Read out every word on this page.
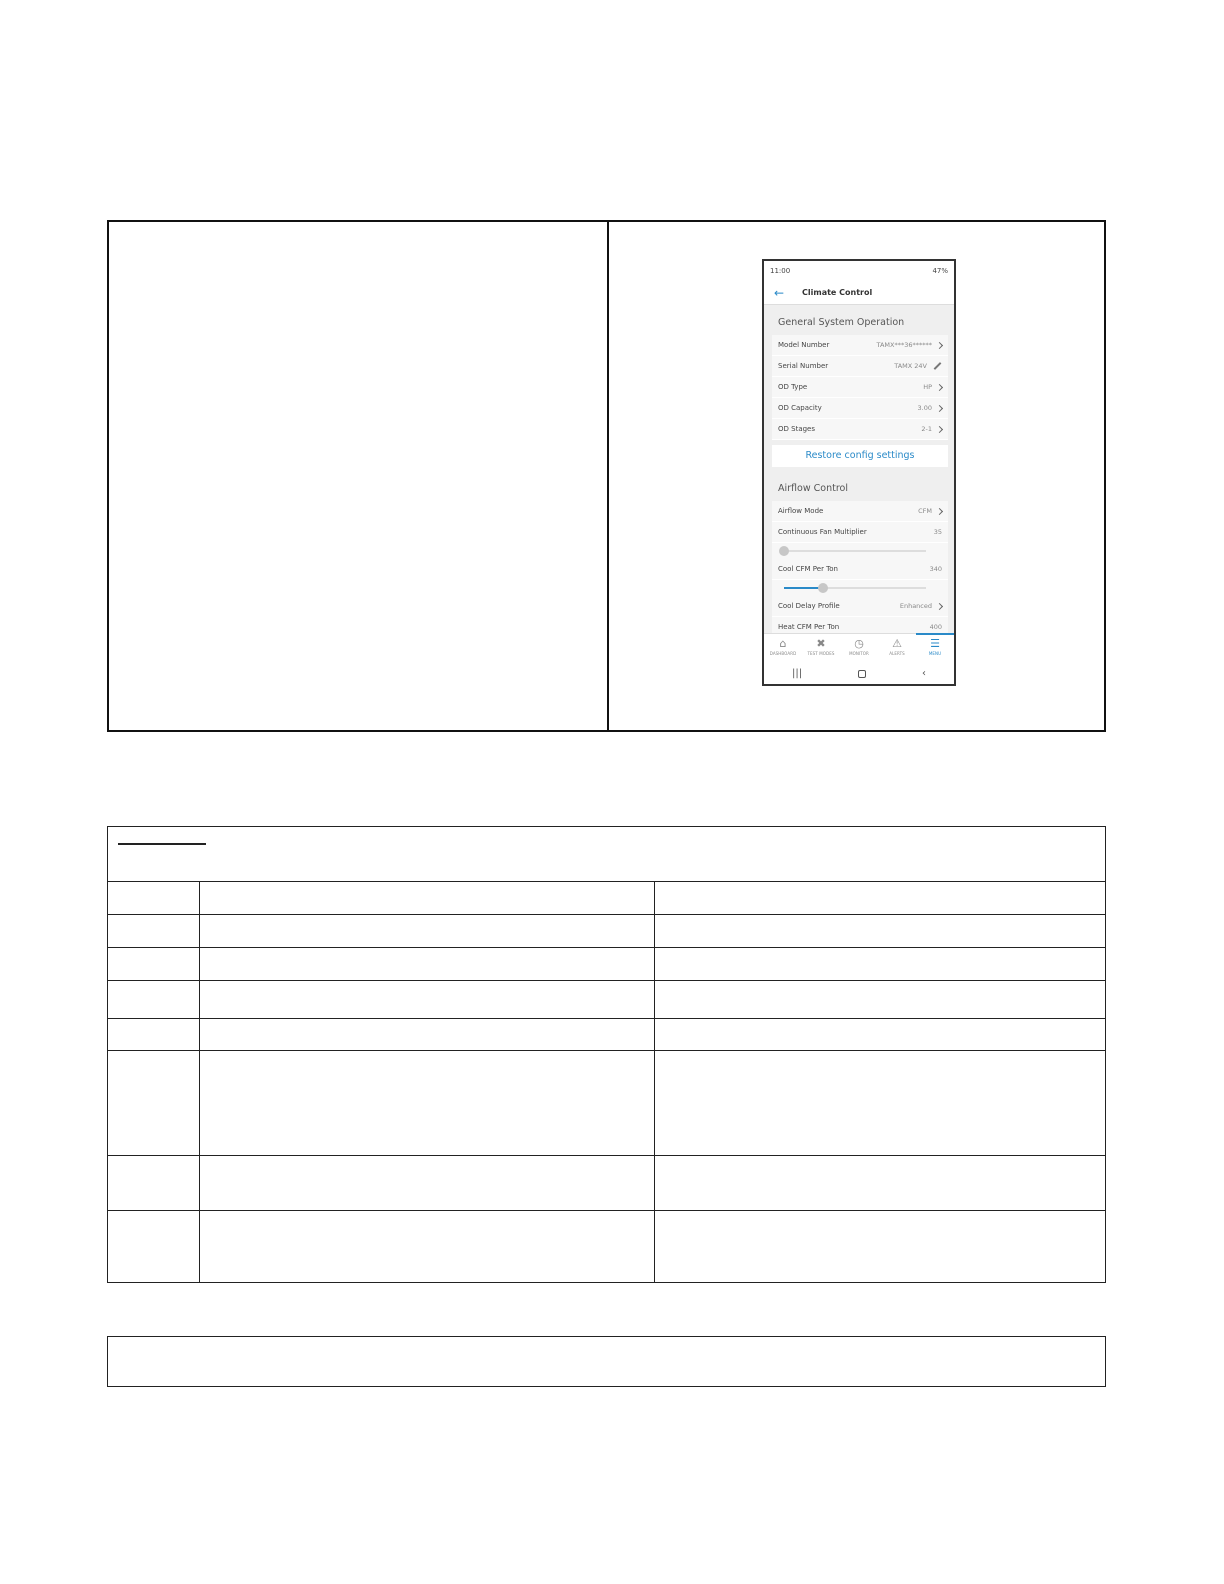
11:00	47%
←	Climate Control
General System Operation
Model Number	TAMX***36******
Serial Number	TAMX 24V
OD Type	HP
OD Capacity	3.00
OD Stages	2-1
Restore config settings
Airflow Control
Airflow Mode	CFM
Continuous Fan Multiplier	35
Cool CFM Per Ton	340
Cool Delay Profile	Enhanced
Heat CFM Per Ton	400
⌂
DASHBOARD
✖
TEST MODES
◷
MONITOR
⚠
ALERTS
☰
MENU
|||	‹
